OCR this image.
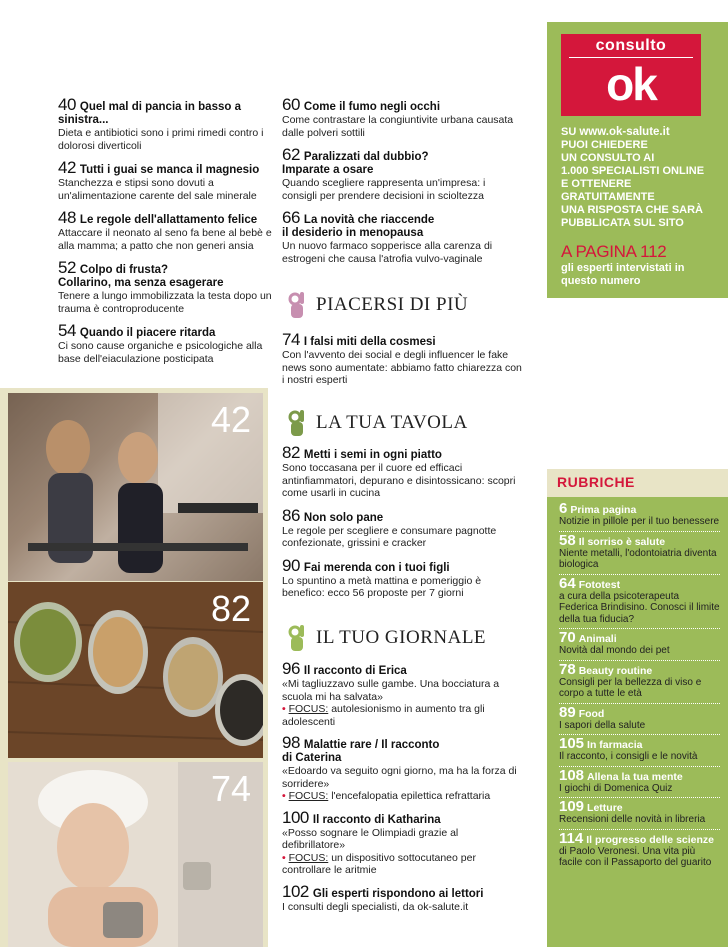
40 Quel mal di pancia in basso a sinistra...
Dieta e antibiotici sono i primi rimedi contro i dolorosi diverticoli
42 Tutti i guai se manca il magnesio
Stanchezza e stipsi sono dovuti a un'alimentazione carente del sale minerale
48 Le regole dell'allattamento felice
Attaccare il neonato al seno fa bene al bebè e alla mamma; a patto che non generi ansia
52 Colpo di frusta?
Collarino, ma senza esagerare
Tenere a lungo immobilizzata la testa dopo un trauma è controproducente
54 Quando il piacere ritarda
Ci sono cause organiche e psicologiche alla base dell'eiaculazione posticipata
42
82
74
60 Come il fumo negli occhi
Come contrastare la congiuntivite urbana causata dalle polveri sottili
62 Paralizzati dal dubbio?
Imparate a osare
Quando scegliere rappresenta un'impresa: i consigli per prendere decisioni in scioltezza
66 La novità che riaccende
il desiderio in menopausa
Un nuovo farmaco sopperisce alla carenza di estrogeni che causa l'atrofia vulvo-vaginale
PIACERSI DI PIÙ
74 I falsi miti della cosmesi
Con l'avvento dei social e degli influencer le fake news sono aumentate: abbiamo fatto chiarezza con i nostri esperti
LA TUA TAVOLA
82 Metti i semi in ogni piatto
Sono toccasana per il cuore ed efficaci antinfiammatori, depurano e disintossicano: scopri come usarli in cucina
86 Non solo pane
Le regole per scegliere e consumare pagnotte confezionate, grissini e cracker
90 Fai merenda con i tuoi figli
Lo spuntino a metà mattina e pomeriggio è benefico: ecco 56 proposte per 7 giorni
IL TUO GIORNALE
96 Il racconto di Erica
«Mi tagliuzzavo sulle gambe. Una bocciatura a scuola mi ha salvata»
• FOCUS: autolesionismo in aumento tra gli adolescenti
98 Malattie rare / Il racconto
di Caterina
«Edoardo va seguito ogni giorno, ma ha la forza di sorridere»
• FOCUS: l'encefalopatia epilettica refrattaria
100 Il racconto di Katharina
«Posso sognare le Olimpiadi grazie al defibrillatore»
• FOCUS: un dispositivo sottocutaneo per controllare le aritmie
102 Gli esperti rispondono ai lettori
I consulti degli specialisti, da ok-salute.it
consulto
ok
SU www.ok-salute.it
PUOI CHIEDERE
UN CONSULTO AI
1.000 SPECIALISTI ONLINE
E OTTENERE GRATUITAMENTE
UNA RISPOSTA CHE SARÀ
PUBBLICATA SUL SITO
A PAGINA 112
gli esperti intervistati in questo numero
RUBRICHE
6 Prima pagina
Notizie in pillole per il tuo benessere
58 Il sorriso è salute
Niente metalli, l'odontoiatria diventa biologica
64 Fototest
a cura della psicoterapeuta Federica Brindisino. Conosci il limite della tua fiducia?
70 Animali
Novità dal mondo dei pet
78 Beauty routine
Consigli per la bellezza di viso e corpo a tutte le età
89 Food
I sapori della salute
105 In farmacia
Il racconto, i consigli e le novità
108 Allena la tua mente
I giochi di Domenica Quiz
109 Letture
Recensioni delle novità in libreria
114 Il progresso delle scienze
di Paolo Veronesi. Una vita più facile con il Passaporto del guarito
